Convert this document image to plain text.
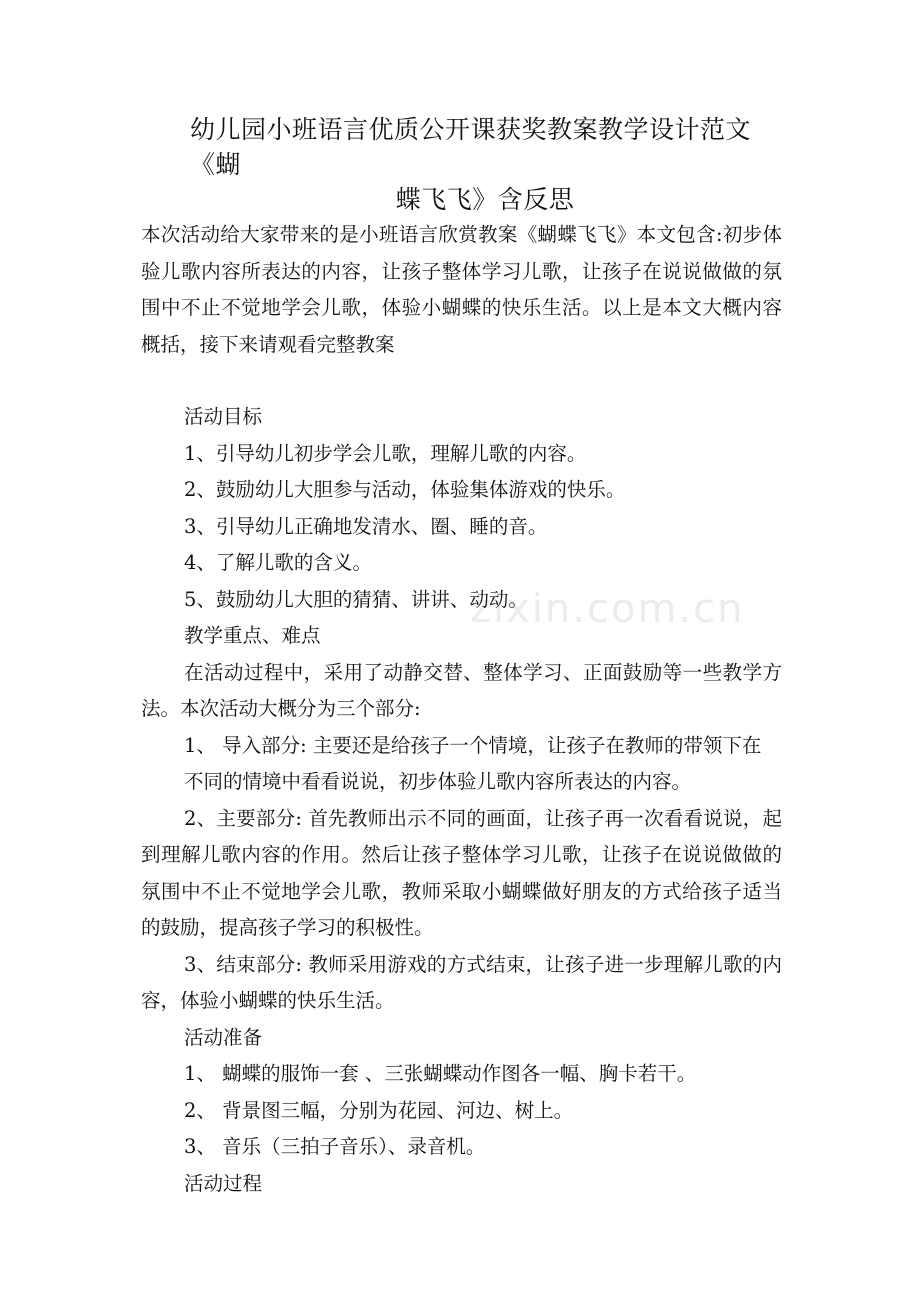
幼儿园小班语言优质公开课获奖教案教学设计范文《蝴
蝶飞飞》含反思
zixin.com.cn

本次活动给大家带来的是小班语言欣赏教案《蝴蝶飞飞》本文包含:初步体验儿歌内容所表达的内容，让孩子整体学习儿歌，让孩子在说说做做的氛围中不止不觉地学会儿歌，体验小蝴蝶的快乐生活。以上是本文大概内容概括，接下来请观看完整教案

活动目标

1、引导幼儿初步学会儿歌，理解儿歌的内容。

2、鼓励幼儿大胆参与活动，体验集体游戏的快乐。

3、引导幼儿正确地发清水、圈、睡的音。

4、了解儿歌的含义。

5、鼓励幼儿大胆的猜猜、讲讲、动动。

教学重点、难点

在活动过程中，采用了动静交替、整体学习、正面鼓励等一些教学方法。本次活动大概分为三个部分:

1、 导入部分: 主要还是给孩子一个情境，让孩子在教师的带领下在

不同的情境中看看说说，初步体验儿歌内容所表达的内容。

2、主要部分: 首先教师出示不同的画面，让孩子再一次看看说说，起到理解儿歌内容的作用。然后让孩子整体学习儿歌，让孩子在说说做做的氛围中不止不觉地学会儿歌，教师采取小蝴蝶做好朋友的方式给孩子适当的鼓励，提高孩子学习的积极性。

3、结束部分: 教师采用游戏的方式结束，让孩子进一步理解儿歌的内容，体验小蝴蝶的快乐生活。

活动准备

1、 蝴蝶的服饰一套 、三张蝴蝶动作图各一幅、胸卡若干。

2、 背景图三幅，分别为花园、河边、树上。

3、 音乐（三拍子音乐）、录音机。

活动过程
